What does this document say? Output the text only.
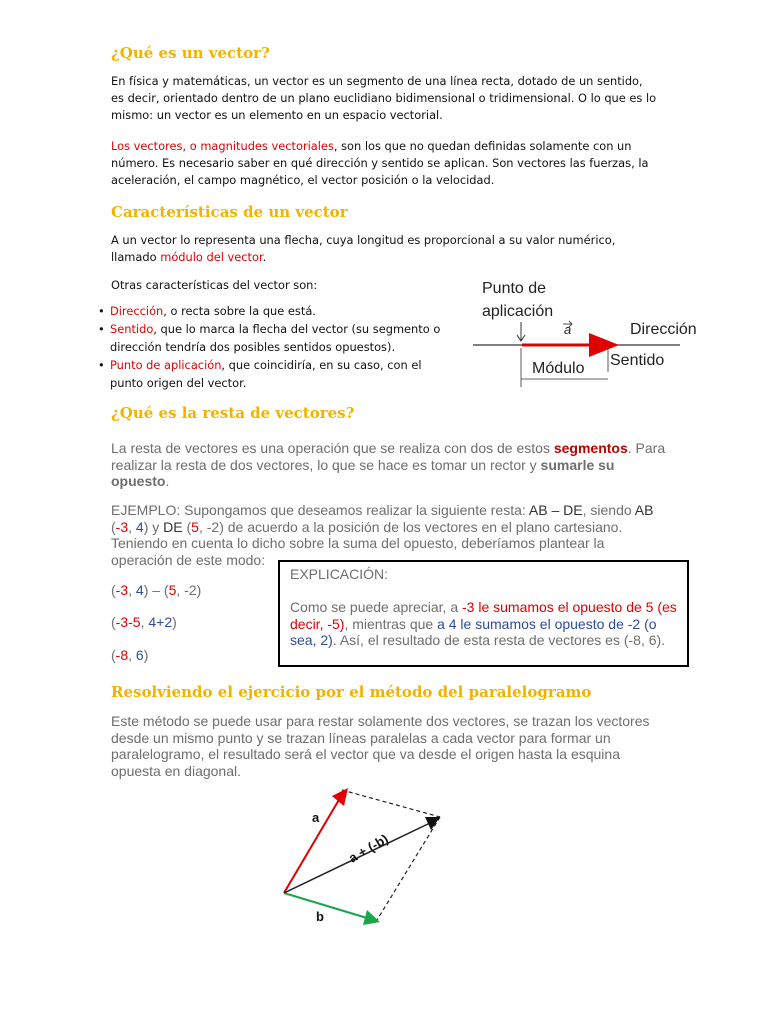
¿Qué es un vector?

En física y matemáticas, un vector es un segmento de una línea recta, dotado de un sentido, es decir, orientado dentro de un plano euclidiano bidimensional o tridimensional. O lo que es lo mismo: un vector es un elemento en un espacio vectorial.

Los vectores, o magnitudes vectoriales, son los que no quedan definidas solamente con un número. Es necesario saber en qué dirección y sentido se aplican. Son vectores las fuerzas, la aceleración, el campo magnético, el vector posición o la velocidad.

Características de un vector

A un vector lo representa una flecha, cuya longitud es proporcional a su valor numérico, llamado módulo del vector.

Otras características del vector son:

• Dirección, o recta sobre la que está.
• Sentido, que lo marca la flecha del vector (su segmento o dirección tendría dos posibles sentidos opuestos).
• Punto de aplicación, que coincidiría, en su caso, con el punto origen del vector.
Punto de
aplicación
a	Dirección
Módulo Sentido
¿Qué es la resta de vectores?

La resta de vectores es una operación que se realiza con dos de estos segmentos. Para realizar la resta de dos vectores, lo que se hace es tomar un rector y sumarle su opuesto.

EJEMPLO: Supongamos que deseamos realizar la siguiente resta: AB – DE, siendo AB (-3, 4) y DE (5, -2) de acuerdo a la posición de los vectores en el plano cartesiano. Teniendo en cuenta lo dicho sobre la suma del opuesto, deberíamos plantear la operación de este modo:

(-3, 4) – (5, -2)

(-3-5, 4+2)

(-8, 6)

EXPLICACIÓN:

Como se puede apreciar, a -3 le sumamos el opuesto de 5 (es decir, -5), mientras que a 4 le sumamos el opuesto de -2 (o sea, 2). Así, el resultado de esta resta de vectores es (-8, 6).

Resolviendo el ejercicio por el método del paralelogramo

Este método se puede usar para restar solamente dos vectores, se trazan los vectores desde un mismo punto y se trazan líneas paralelas a cada vector para formar un paralelogramo, el resultado será el vector que va desde el origen hasta la esquina opuesta en diagonal.

a
b
a + (-b)
